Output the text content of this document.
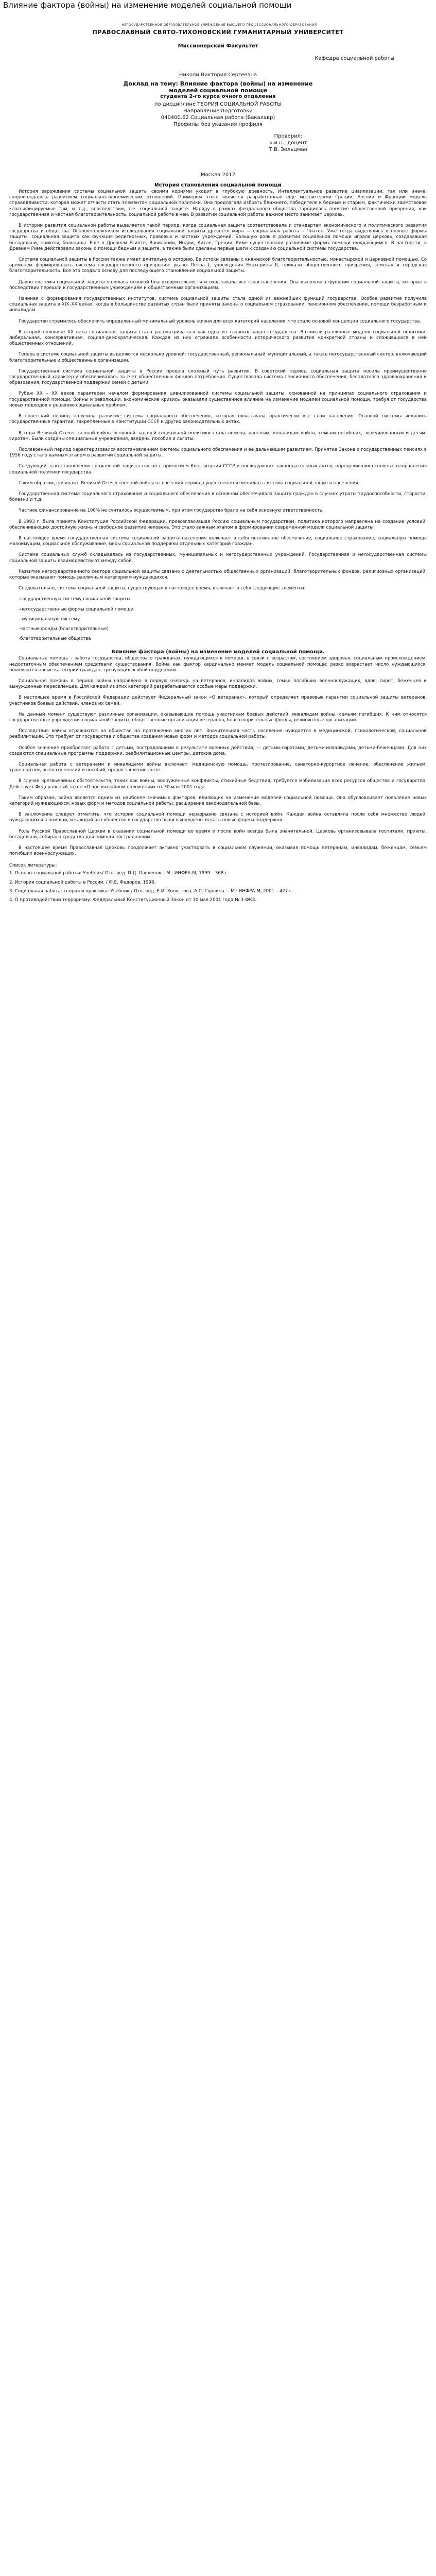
Влияние фактора (войны) на изменение моделей социальной помощи
НЕГОСУДАРСТВЕННОЕ ОБРАЗОВАТЕЛЬНОЕ УЧРЕЖДЕНИЕ ВЫСШЕГО ПРОФЕССИОНАЛЬНОГО ОБРАЗОВАНИЯ
ПРАВОСЛАВНЫЙ СВЯТО-ТИХОНОВСКИЙ ГУМАНИТАРНЫЙ УНИВЕРСИТЕТ
Миссионерский Факультет
Кафедра социальной работы
Николи Виктория Сергеевна
Доклад на тему: Влияние фактора (войны) на изменение
моделей социальной помощи
студента 2-го курса очного отделения
по дисциплине ТЕОРИЯ СОЦИАЛЬНОЙ РАБОТЫ
Направление подготовки
040400.62 Социальная работа (Бакалавр)
Профиль: без указания профиля
Проверил:
к.и.н., доцент
Т.В. Зельцман
Москва 2012
История становления социальной помощи
История зарождения системы социальной защиты своими корнями уходит в глубокую древность. Интеллектуальное развитие цивилизации, так или иначе, сопровождалось развитием социально-экономических отношений. Примером этого является разработанная еще мыслителями Греции, Англии и Франции модель справедливости, которая может отчасти стать элементом социальной политики. Она предлагала избрать ближнего, победителя к бедным и старым, фактически заимствовав классифицируемые там, и т.д., впоследствии, т.е. социальной защите. Наряду в рамках феодального общества зародилось понятие общественной призрения, как государственная и частная благотворительность, социальной работе в ней. В развитии социальной работы важное место занимает церковь.
В истории развития социальной работы выделяется такой период, когда социальная защита соответствовала и стандартам экономического и политического развития государства и общества. Основоположником исследования социальной защиты древнего мира — социальная работа – Платон. Уже тогда выделялись основные формы защиты: социальная защита как функция религиозных, правовых и частных учреждений. Большую роль в развитии социальной помощи играла церковь, создававшая богадельни, приюты, больницы. Еще в Древнем Египте, Вавилонии, Индии, Китае, Греции, Риме существовали различные формы помощи нуждающимся. В частности, в Древнем Риме действовали законы о помощи бедным и защите, а также были сделаны первые шаги к созданию социальной системы государства.
Система социальной защиты в России также имеет длительную историю. Ее истоки связаны с княжеской благотворительностью, монастырской и церковной помощью. Со временем формировалась система государственного призрения: указы Петра I, учреждения Екатерины II, приказы общественного призрения, земская и городская благотворительность. Все это создало основу для последующего становления социальной защиты.
Давно системы социальной защиты являлась основой благотворительности и охватывала все слои населения. Она выполняла функции социальной защиты, которые в последствии перешли к государственным учреждениям и общественным организациям.
Начиная с формирования государственных институтов, система социальной защиты стала одной из важнейших функций государства. Особое развитие получила социальная защита в XIX–XX веках, когда в большинстве развитых стран были приняты законы о социальном страховании, пенсионном обеспечении, помощи безработным и инвалидам.
Государство стремилось обеспечить определенный минимальный уровень жизни для всех категорий населения, что стало основой концепции социального государства.
В второй половине XX века социальная защита стала рассматриваться как одна из главных задач государства. Возникли различные модели социальной политики: либеральная, консервативная, социал-демократическая. Каждая из них отражала особенности исторического развития конкретной страны и сложившихся в ней общественных отношений.
Теперь в системе социальной защиты выделяются несколько уровней: государственный, региональный, муниципальный, а также негосударственный сектор, включающий благотворительные и общественные организации.
Государственная система социальной защиты в России прошла сложный путь развития. В советский период социальная защита носила преимущественно государственный характер и обеспечивалась за счет общественных фондов потребления. Существовала система пенсионного обеспечения, бесплатного здравоохранения и образования, государственной поддержки семей с детьми.
Рубеж XX – XX веков характерен началом формирования цивилизованной системы социальной защиты, основанной на принципах социального страхования и государственной помощи. Войны и революции, экономические кризисы оказывали существенное влияние на изменение моделей социальной помощи, требуя от государства новых подходов к решению социальных проблем.
В советский период получила развитие система социального обеспечения, которая охватывала практически все слои населения. Основой системы являлись государственные гарантии, закрепленные в Конституции СССР и других законодательных актах.
В годы Великой Отечественной войны основной задачей социальной политики стала помощь раненым, инвалидам войны, семьям погибших, эвакуированным и детям-сиротам. Были созданы специальные учреждения, введены пособия и льготы.
Послевоенный период характеризовался восстановлением системы социального обеспечения и ее дальнейшим развитием. Принятие Закона о государственных пенсиях в 1956 году стало важным этапом в развитии социальной защиты.
Следующий этап становления социальной защиты связан с принятием Конституции СССР и последующих законодательных актов, определивших основные направления социальной политики государства.
Таким образом, начиная с Великой Отечественной войны в советский период существенно изменилась система социальной защиты населения.
Государственная система социального страхования и социального обеспечения в основном обеспечивала защиту граждан в случаях утраты трудоспособности, старости, болезни и т.д.
Частное финансирование на 100% не считалось осуществимым, при этом государство брало на себя основную ответственность.
В 1993 г. была принята Конституция Российской Федерации, провозгласившая Россию социальным государством, политика которого направлена на создание условий, обеспечивающих достойную жизнь и свободное развитие человека. Это стало важным этапом в формировании современной модели социальной защиты.
В настоящее время государственная система социальной защиты населения включает в себя пенсионное обеспечение, социальное страхование, социальную помощь малоимущим, социальное обслуживание, меры социальной поддержки отдельных категорий граждан.
Система социальных служб складывалась из государственных, муниципальных и негосударственных учреждений. Государственная и негосударственная системы социальной защиты взаимодействуют между собой.
Развитие негосударственного сектора социальной защиты связано с деятельностью общественных организаций, благотворительных фондов, религиозных организаций, которые оказывают помощь различным категориям нуждающихся.
Следовательно, система социальной защиты, существующая в настоящее время, включает в себя следующие элементы:
-государственную систему социальной защиты
-негосударственные формы социальной помощи
- муниципальную систему
-частные фонды (благотворительные)
-благотворительные общества
Влияние фактора (войны) на изменение моделей социальной помощи.
Социальные помощь – забота государства, общества о гражданах, нуждающихся в помощи, в связи с возрастом, состоянием здоровья, социальным происхождением, недостаточным обеспечением средствами существования. Война как фактор кардинально меняет модель социальной помощи: резко возрастает число нуждающихся, появляются новые категории граждан, требующих особой поддержки.
Социальная помощь в период войны направлена в первую очередь на ветеранов, инвалидов войны, семьи погибших военнослужащих, вдов, сирот, беженцев и вынужденных переселенцев. Для каждой из этих категорий разрабатываются особые меры поддержки.
В настоящее время в Российской Федерации действует Федеральный закон «О ветеранах», который определяет правовые гарантии социальной защиты ветеранов, участников боевых действий, членов их семей.
На данный момент существуют различные организации, оказывающие помощь участникам боевых действий, инвалидам войны, семьям погибших. К ним относятся государственные учреждения социальной защиты, общественные организации ветеранов, благотворительные фонды, религиозные организации.
Последствия войны отражаются на обществе на протяжении многих лет. Значительная часть населения нуждается в медицинской, психологической, социальной реабилитации. Это требует от государства и общества создания новых форм и методов социальной работы.
Особое значение приобретает работа с детьми, пострадавшими в результате военных действий, — детьми-сиротами, детьми-инвалидами, детьми-беженцами. Для них создаются специальные программы поддержки, реабилитационные центры, детские дома.
Социальная работа с ветеранами и инвалидами войны включает: медицинскую помощь, протезирование, санаторно-курортное лечение, обеспечение жильем, транспортом, выплату пенсий и пособий, предоставление льгот.
В случае чрезвычайных обстоятельств, таких как войны, вооруженные конфликты, стихийные бедствия, требуется мобилизация всех ресурсов общества и государства. Действует Федеральный закон «О чрезвычайном положении» от 30 мая 2001 года.
Таким образом, война является одним из наиболее значимых факторов, влияющих на изменение моделей социальной помощи. Она обусловливает появление новых категорий нуждающихся, новых форм и методов социальной работы, расширение законодательной базы.
В заключение следует отметить, что история социальной помощи неразрывно связана с историей войн. Каждая война оставляла после себя множество людей, нуждающихся в помощи, и каждый раз общество и государство были вынуждены искать новые формы поддержки.
Роль Русской Православной Церкви в оказании социальной помощи во время и после войн всегда была значительной. Церковь организовывала госпитали, приюты, богадельни, собирала средства для помощи пострадавшим.
В настоящее время Православная Церковь продолжает активно участвовать в социальном служении, оказывая помощь ветеранам, инвалидам, беженцам, семьям погибших военнослужащих.
Список литературы:
1. Основы социальной работы: Учебник/ Отв. ред. П.Д. Павленок – М.: ИНФРА-М, 1999 – 368 с.
2. История социальной работы в России. / Ф.Е. Федоров, 1998.
3. Социальная работа: теория и практика: Учебник / Отв. ред. Е.И. Холостова, А.С. Сорвина. – М.: ИНФРА-М, 2001 – 427 с.
4. О противодействии терроризму: Федеральный Конституционный Закон от 30 мая 2001 года № 3-ФКЗ.
